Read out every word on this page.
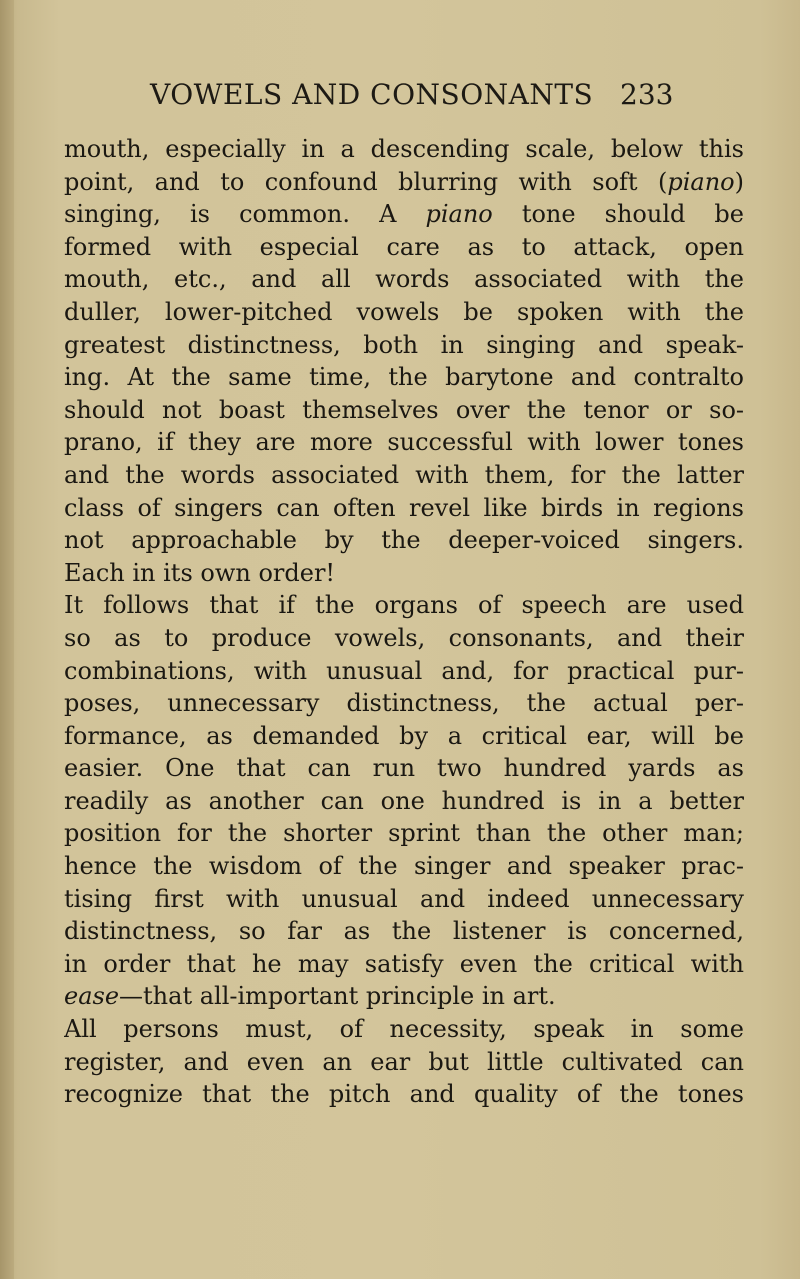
VOWELS AND CONSONANTS 233
mouth, especially in a descending scale, below this
point, and to confound blurring with soft (piano)
singing, is common. A piano tone should be
formed with especial care as to attack, open
mouth, etc., and all words associated with the
duller, lower-pitched vowels be spoken with the
greatest distinctness, both in singing and speak-
ing. At the same time, the barytone and contralto
should not boast themselves over the tenor or so-
prano, if they are more successful with lower tones
and the words associated with them, for the latter
class of singers can often revel like birds in regions
not approachable by the deeper-voiced singers.
Each in its own order!
It follows that if the organs of speech are used
so as to produce vowels, consonants, and their
combinations, with unusual and, for practical pur-
poses, unnecessary distinctness, the actual per-
formance, as demanded by a critical ear, will be
easier. One that can run two hundred yards as
readily as another can one hundred is in a better
position for the shorter sprint than the other man;
hence the wisdom of the singer and speaker prac-
tising first with unusual and indeed unnecessary
distinctness, so far as the listener is concerned,
in order that he may satisfy even the critical with
ease—that all-important principle in art.
All persons must, of necessity, speak in some
register, and even an ear but little cultivated can
recognize that the pitch and quality of the tones
